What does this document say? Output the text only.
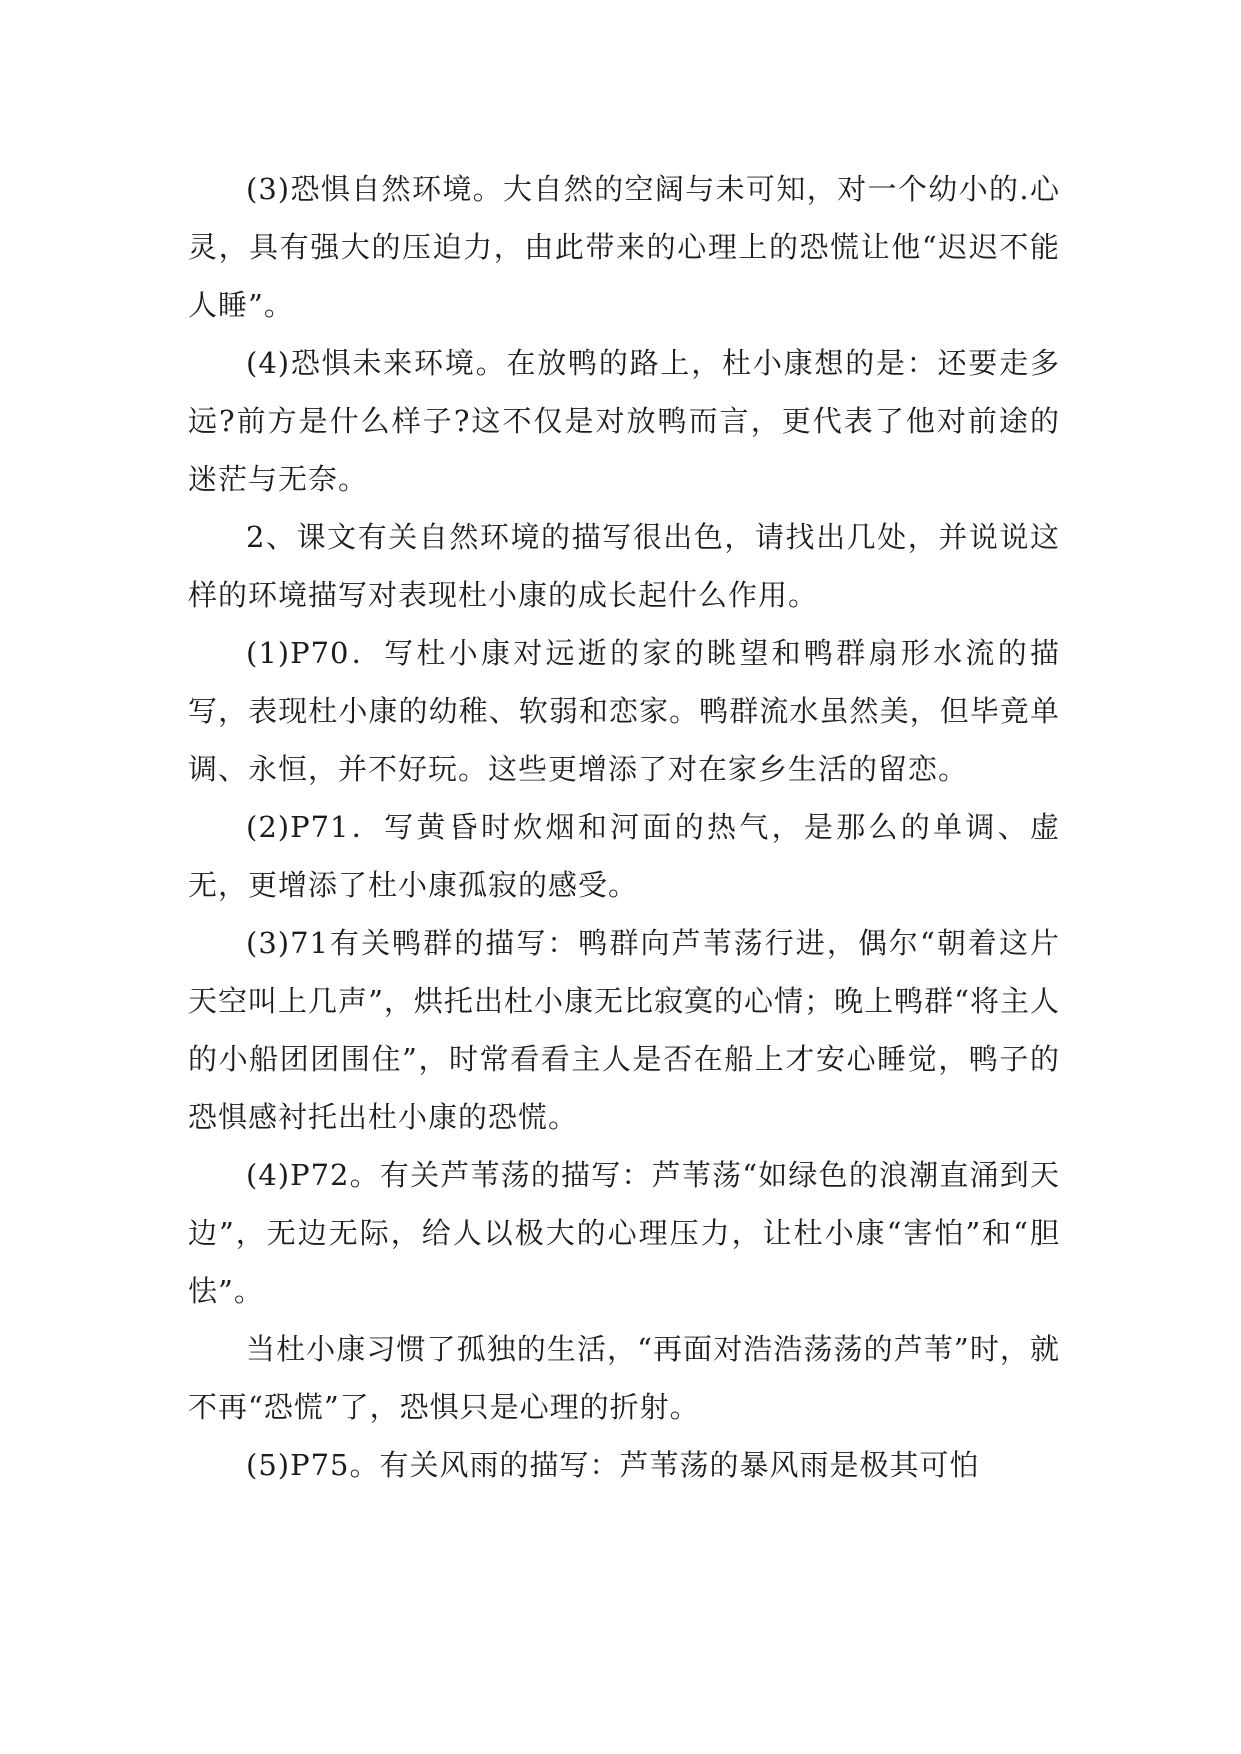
(3)恐惧自然环境。大自然的空阔与未可知，对一个幼小的.心灵，具有强大的压迫力，由此带来的心理上的恐慌让他“迟迟不能人睡”。

(4)恐惧未来环境。在放鸭的路上，杜小康想的是：还要走多远?前方是什么样子?这不仅是对放鸭而言，更代表了他对前途的迷茫与无奈。

2、课文有关自然环境的描写很出色，请找出几处，并说说这样的环境描写对表现杜小康的成长起什么作用。

(1)P70．写杜小康对远逝的家的眺望和鸭群扇形水流的描写，表现杜小康的幼稚、软弱和恋家。鸭群流水虽然美，但毕竟单调、永恒，并不好玩。这些更增添了对在家乡生活的留恋。

(2)P71．写黄昏时炊烟和河面的热气，是那么的单调、虚无，更增添了杜小康孤寂的感受。

(3)71有关鸭群的描写：鸭群向芦苇荡行进，偶尔“朝着这片天空叫上几声”，烘托出杜小康无比寂寞的心情；晚上鸭群“将主人的小船团团围住”，时常看看主人是否在船上才安心睡觉，鸭子的恐惧感衬托出杜小康的恐慌。

(4)P72。有关芦苇荡的描写：芦苇荡“如绿色的浪潮直涌到天边”，无边无际，给人以极大的心理压力，让杜小康“害怕”和“胆怯”。

当杜小康习惯了孤独的生活，“再面对浩浩荡荡的芦苇”时，就不再“恐慌”了，恐惧只是心理的折射。

(5)P75。有关风雨的描写：芦苇荡的暴风雨是极其可怕
